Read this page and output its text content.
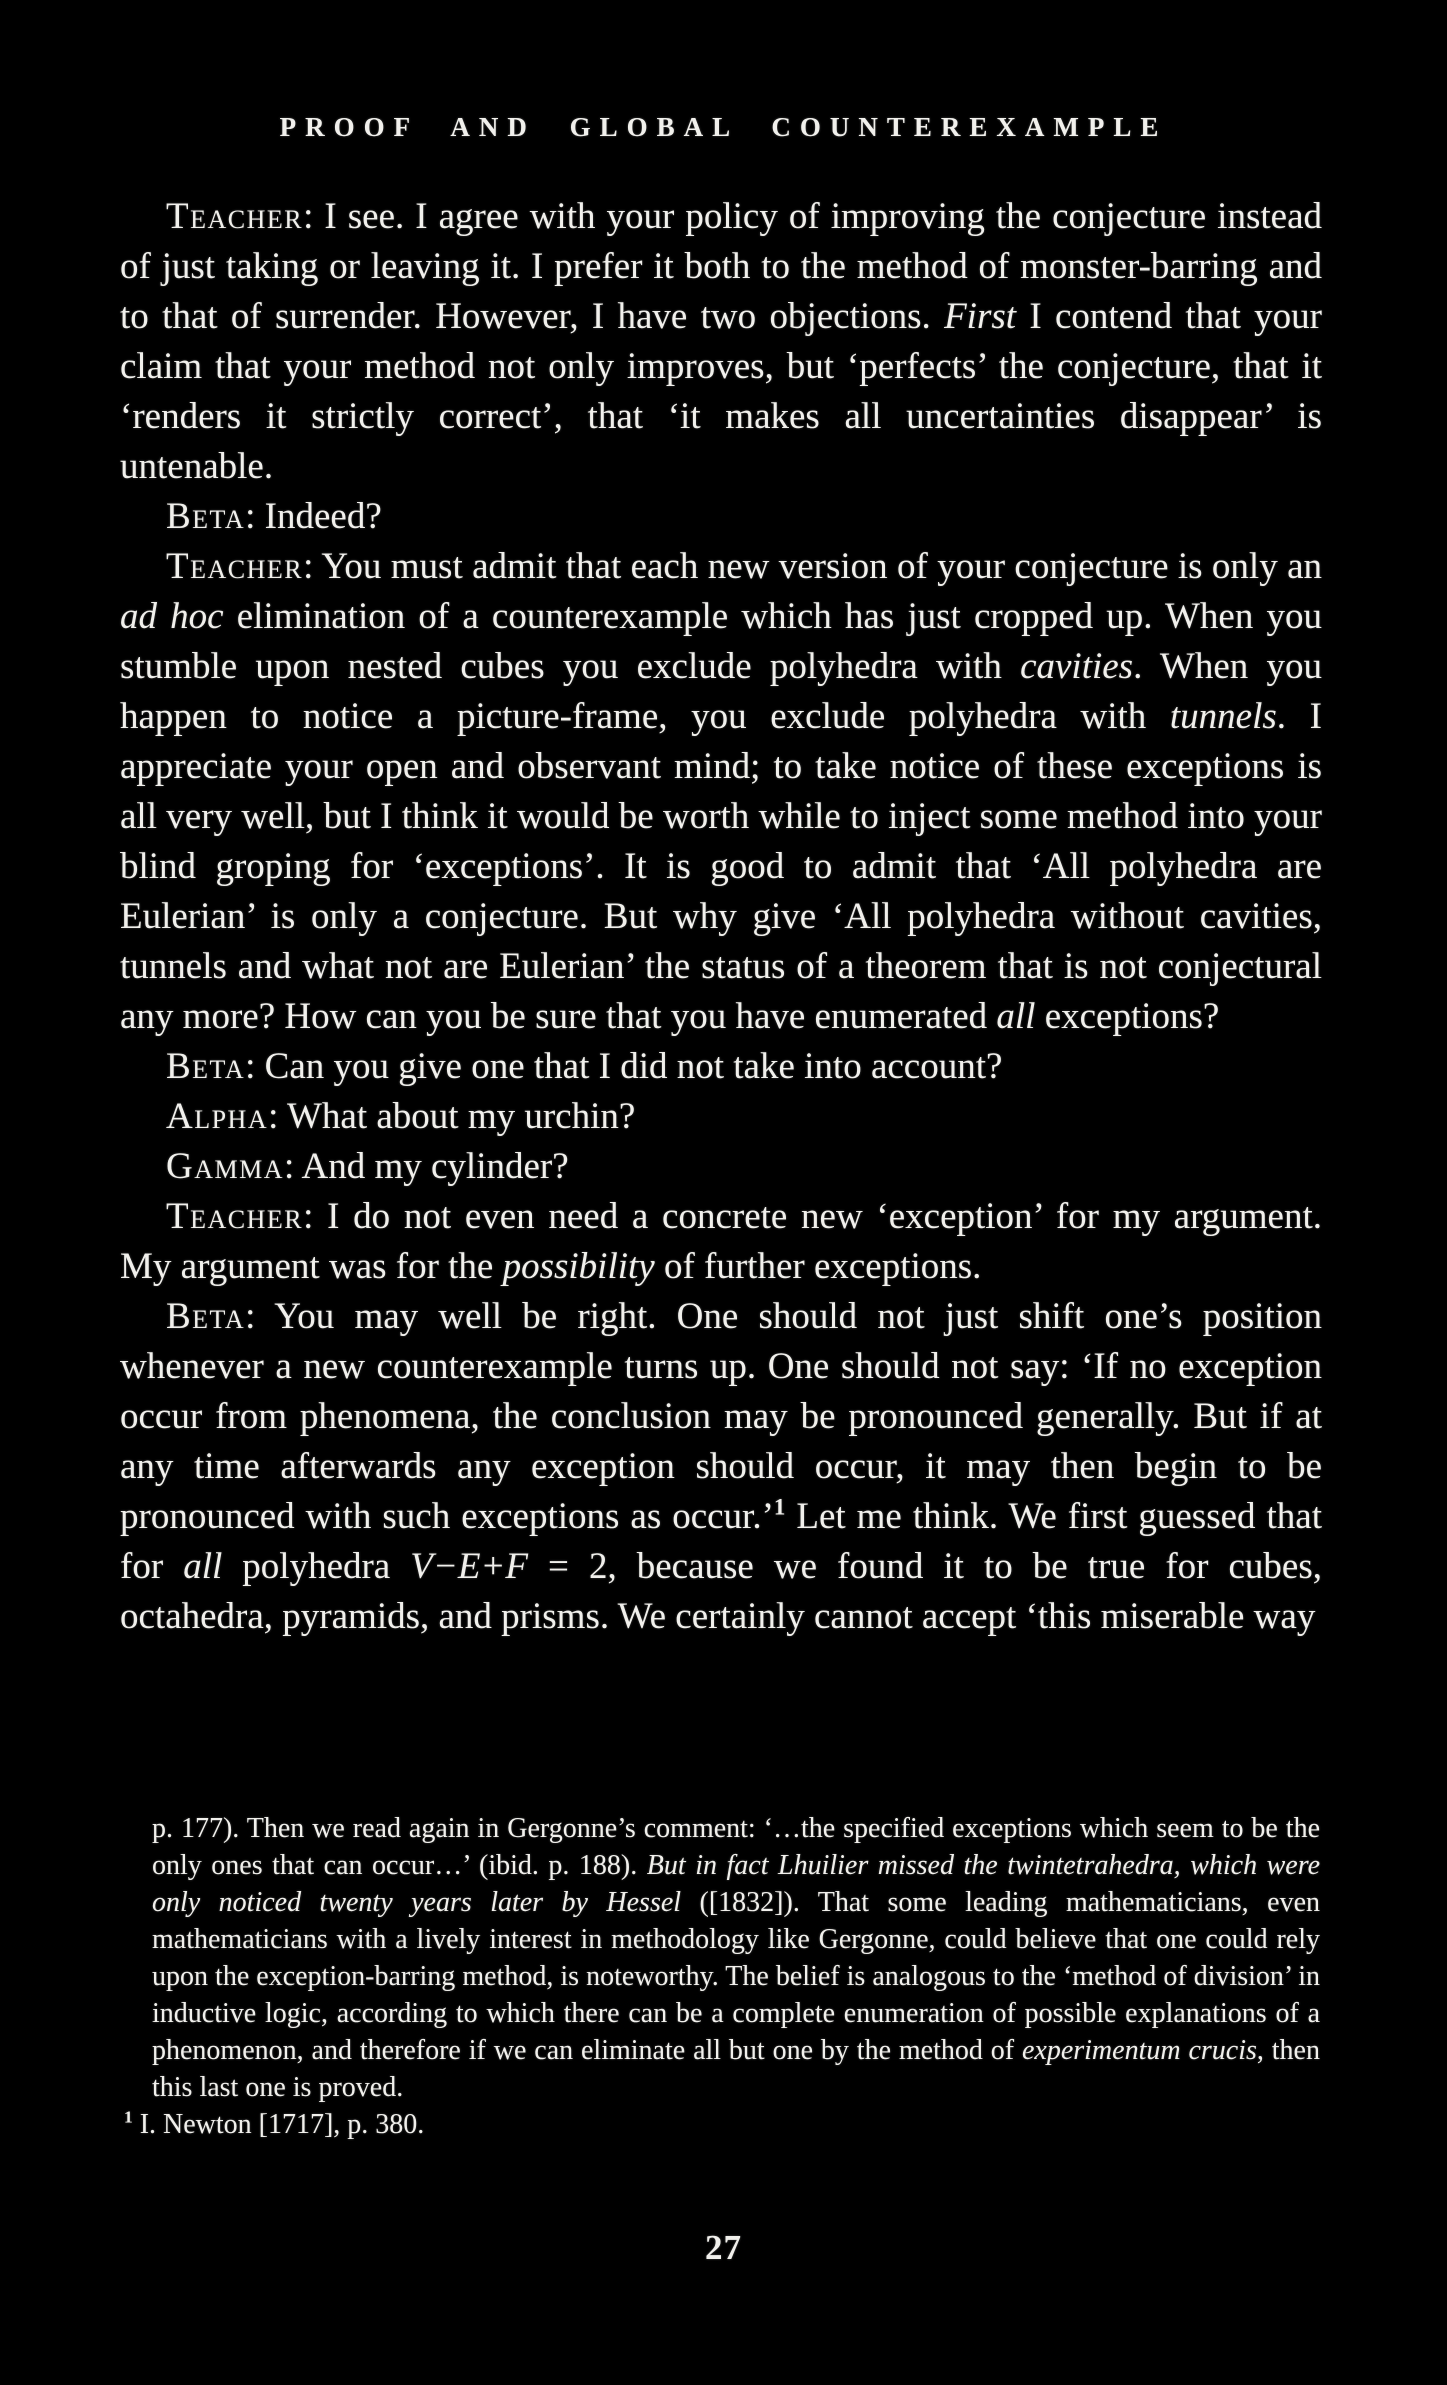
PROOF AND GLOBAL COUNTEREXAMPLE

Teacher: I see. I agree with your policy of improving the conjecture instead of just taking or leaving it. I prefer it both to the method of monster-barring and to that of surrender. However, I have two objections. First I contend that your claim that your method not only improves, but ‘perfects’ the conjecture, that it ‘renders it strictly correct’, that ‘it makes all uncertainties disappear’ is untenable.

Beta: Indeed?

Teacher: You must admit that each new version of your conjecture is only an ad hoc elimination of a counterexample which has just cropped up. When you stumble upon nested cubes you exclude polyhedra with cavities. When you happen to notice a picture-frame, you exclude polyhedra with tunnels. I appreciate your open and observant mind; to take notice of these exceptions is all very well, but I think it would be worth while to inject some method into your blind groping for ‘exceptions’. It is good to admit that ‘All polyhedra are Eulerian’ is only a conjecture. But why give ‘All polyhedra without cavities, tunnels and what not are Eulerian’ the status of a theorem that is not conjectural any more? How can you be sure that you have enumerated all exceptions?

Beta: Can you give one that I did not take into account?

Alpha: What about my urchin?

Gamma: And my cylinder?

Teacher: I do not even need a concrete new ‘exception’ for my argument. My argument was for the possibility of further exceptions.

Beta: You may well be right. One should not just shift one’s position whenever a new counterexample turns up. One should not say: ‘If no exception occur from phenomena, the conclusion may be pronounced generally. But if at any time afterwards any exception should occur, it may then begin to be pronounced with such exceptions as occur.’$^1$ Let me think. We first guessed that for all polyhedra V−E+F = 2, because we found it to be true for cubes, octahedra, pyramids, and prisms. We certainly cannot accept ‘this miserable way

p. 177). Then we read again in Gergonne’s comment: ‘…the specified exceptions which seem to be the only ones that can occur…’ (ibid. p. 188). But in fact Lhuilier missed the twintetrahedra, which were only noticed twenty years later by Hessel ([1832]). That some leading mathematicians, even mathematicians with a lively interest in methodology like Gergonne, could believe that one could rely upon the exception-barring method, is noteworthy. The belief is analogous to the ‘method of division’ in inductive logic, according to which there can be a complete enumeration of possible explanations of a phenomenon, and therefore if we can eliminate all but one by the method of experimentum crucis, then this last one is proved.

$^1$ I. Newton [1717], p. 380.

27
